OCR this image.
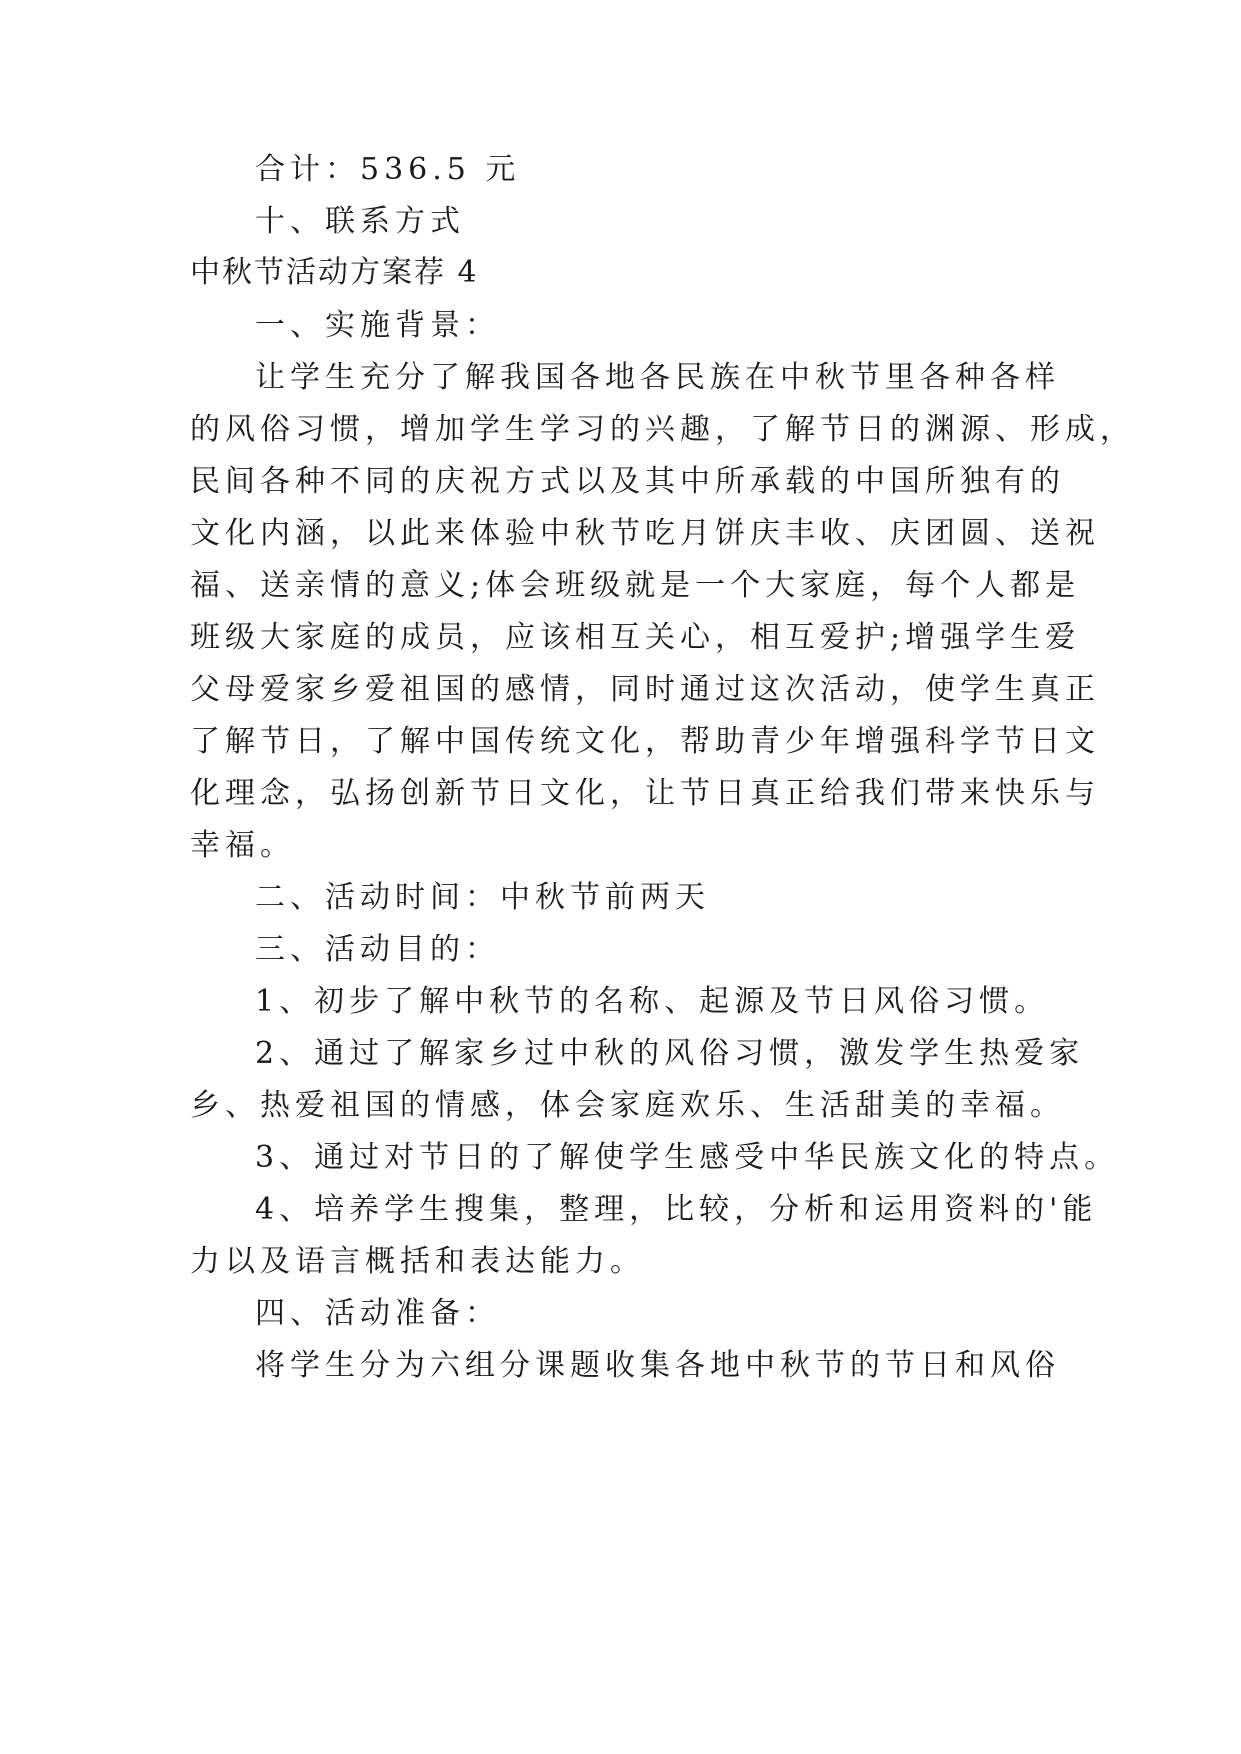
合计：536.5 元
十、联系方式
中秋节活动方案荐 4
一、实施背景：
让学生充分了解我国各地各民族在中秋节里各种各样
的风俗习惯，增加学生学习的兴趣，了解节日的渊源、形成，
民间各种不同的庆祝方式以及其中所承载的中国所独有的
文化内涵，以此来体验中秋节吃月饼庆丰收、庆团圆、送祝
福、送亲情的意义;体会班级就是一个大家庭，每个人都是
班级大家庭的成员，应该相互关心，相互爱护;增强学生爱
父母爱家乡爱祖国的感情，同时通过这次活动，使学生真正
了解节日，了解中国传统文化，帮助青少年增强科学节日文
化理念，弘扬创新节日文化，让节日真正给我们带来快乐与
幸福。
二、活动时间：中秋节前两天
三、活动目的：
1、初步了解中秋节的名称、起源及节日风俗习惯。
2、通过了解家乡过中秋的风俗习惯，激发学生热爱家
乡、热爱祖国的情感，体会家庭欢乐、生活甜美的幸福。
3、通过对节日的了解使学生感受中华民族文化的特点。
4、培养学生搜集，整理，比较，分析和运用资料的'能
力以及语言概括和表达能力。
四、活动准备：
将学生分为六组分课题收集各地中秋节的节日和风俗
